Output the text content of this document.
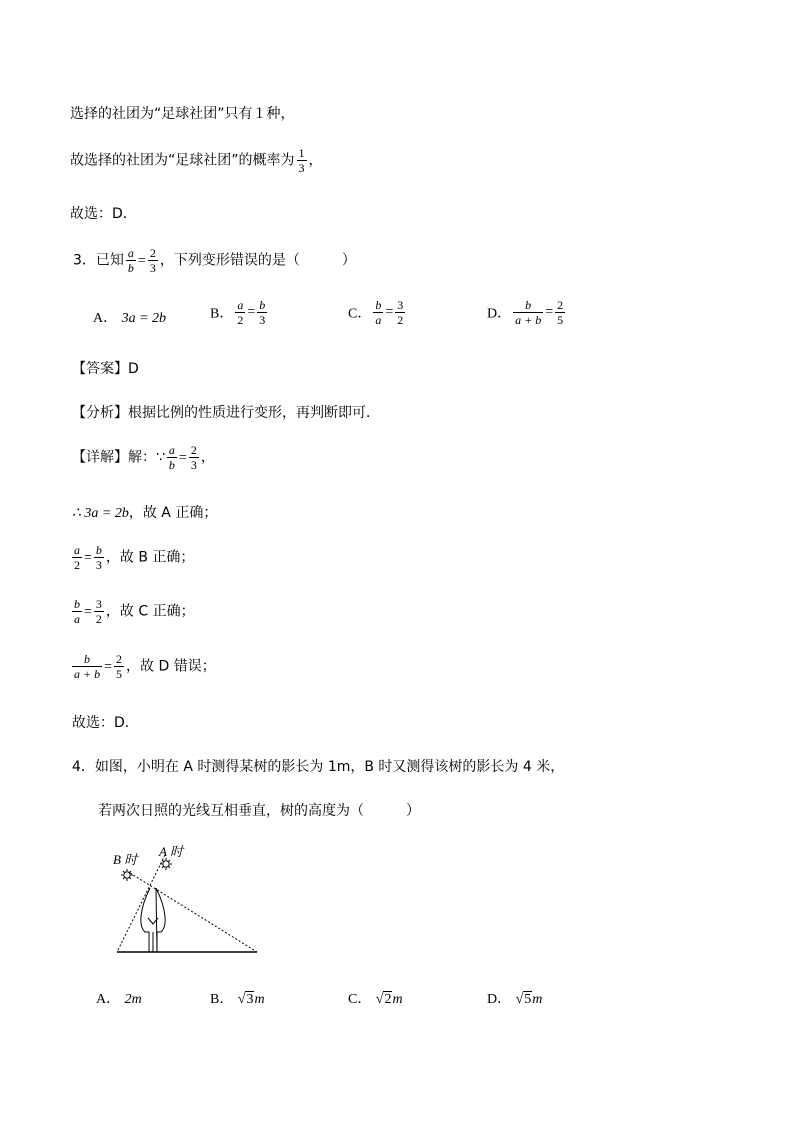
选择的社团为“足球社团”只有１种，
故选择的社团为“足球社团”的概率为 $\frac{1}{3}$ ，
故选：D．
3．已知 $\frac{a}{b} = \frac{2}{3}$ ，下列变形错误的是（　　　）
A． 3a = 2b	B． $\frac{a}{2} = \frac{b}{3}$	C． $\frac{b}{a} = \frac{3}{2}$	D． $\frac{b}{a + b} = \frac{2}{5}$
【答案】D
【分析】根据比例的性质进行变形，再判断即可．
【详解】解：∵ $\frac{a}{b} = \frac{2}{3}$ ，
∴ 3a = 2b，故 A 正确；
$\frac{a}{2} = \frac{b}{3}$ ，故 B 正确；
$\frac{b}{a} = \frac{3}{2}$ ，故 C 正确；
$\frac{b}{a + b} = \frac{2}{5}$ ，故 D 错误；
故选：D．
4．如图，小明在 A 时测得某树的影长为 1m，B 时又测得该树的影长为 4 米，
若两次日照的光线互相垂直，树的高度为（　　　）
B 时
A 时
A． 2m	B． √3m	C． √2m	D． √5m
